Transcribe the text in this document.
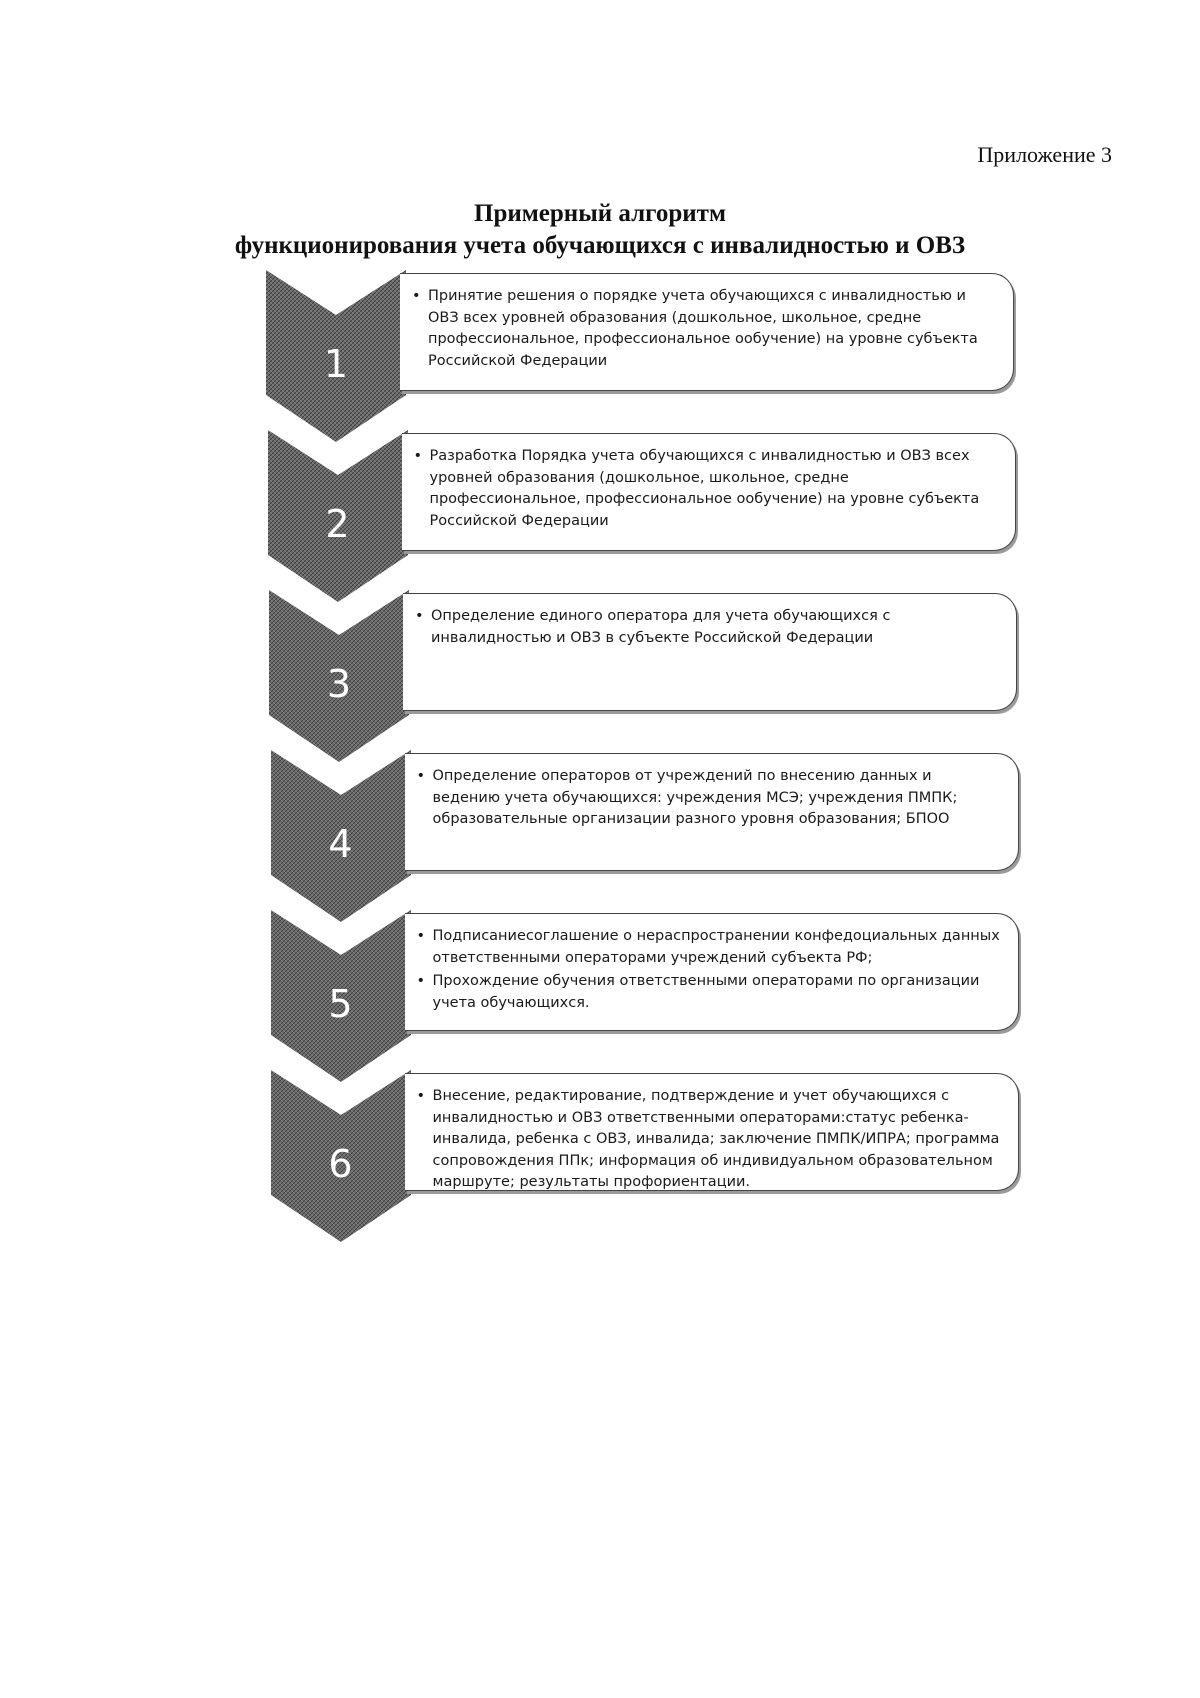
Приложение 3
Примерный алгоритм
функционирования учета обучающихся с инвалидностью и ОВЗ
1
• Принятие решения о порядке учета обучающихся с инвалидностью и ОВЗ всех уровней образования (дошкольное, школьное, средне профессиональное, профессиональное ообучение) на уровне субъекта Российской Федерации
2
• Разработка Порядка учета обучающихся с инвалидностью и ОВЗ всех уровней образования (дошкольное, школьное, средне профессиональное, профессиональное ообучение) на уровне субъекта Российской Федерации
3
• Определение единого оператора для учета обучающихся с инвалидностью и ОВЗ в субъекте Российской Федерации
4
• Определение операторов от учреждений по внесению данных и ведению учета обучающихся: учреждения МСЭ; учреждения ПМПК; образовательные организации разного уровня образования; БПОО
5
• Подписаниесоглашение о нераспространении конфедоциальных данных ответственными операторами учреждений субъекта РФ;
• Прохождение обучения ответственными операторами по организации учета обучающихся.
6
• Внесение, редактирование, подтверждение и учет обучающихся с инвалидностью и ОВЗ ответственными операторами:статус ребенка-инвалида, ребенка с ОВЗ, инвалида; заключение ПМПК/ИПРА; программа сопровождения ППк; информация об индивидуальном образовательном маршруте; результаты профориентации.
